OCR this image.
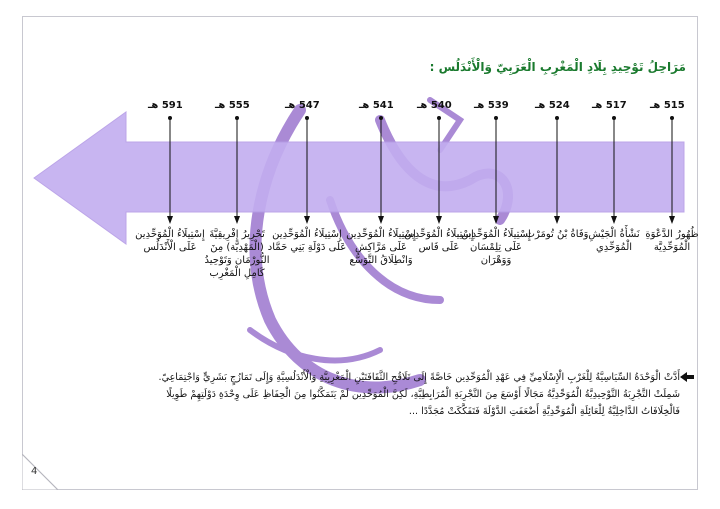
4
مَرَاحِلُ تَوْحِيدِ بِلَادِ الْمَغْرِبِ الْعَرَبِيّ وَالْأَنْدَلُس :
515 هـ
ظُهُورُ الدَّعْوَةِ الْمُوَحِّدِيَّة
517 هـ
نَشْأَةُ الْجَيْشِ الْمُوَحِّدِي
524 هـ
وَفَاةُ بْنُ تُومَرْت
539 هـ
إِسْتِيلَاءُ الْمُوَحِّدِين عَلَى تِلِمْسَان وَوَهْرَان
540 هـ
إِسْتِيلَاءُ الْمُوَحِّدِين عَلَى فَاس
541 هـ
إِسْتِيلَاءُ الْمُوَحِّدِين عَلَى مَرَّاكِش وَانْطِلَاقُ التَّوَسُّع
547 هـ
إِسْتِيلَاءُ الْمُوَحِّدِين عَلَى دَوْلَةِ بَنِي حَمَّاد
555 هـ
تَحْرِيرُ إِفْرِيقِيَّةَ (الْمَهْدِيَّة) مِنَ النُّورْمَان وَتَوْحِيدُ كَامِلِ الْمَغْرِب
591 هـ
إِسْتِيلَاءُ الْمُوَحِّدِين عَلَى الْأَنْدَلُس
أَدَّتْ الْوَحْدَةُ السِّيَاسِيَّةُ لِلْغَرْبِ الْإِسْلَامِيِّ فِي عَهْدِ الْمُوَحِّدِين خَاصَّةً إِلَى تَلَاقُحِ الثَّقَافَتَيْنِ الْمَغْرِبِيَّةِ وَالْأَنْدَلُسِيَّةِ وَإِلَى تَمَازُجٍ بَشَرِيٍّ وَاجْتِمَاعِيّ.
شَمِلَتْ التَّجْرِبَةُ التَّوْحِيدِيَّةُ الْمُوَحِّدِيَّةُ مَجَالًا أَوْسَعَ مِنَ التَّجْرِبَةِ الْمُرَابِطِيَّةِ، لَكِنَّ الْمُوَحِّدِين لَمْ يَتَمَكَّنُوا مِنَ الْحِفَاظِ عَلَى وِحْدَةِ دَوْلَتِهِمْ طَوِيلًا
فَالْخِلَافَاتُ الدَّاخِلِيَّةُ لِلْعَائِلَةِ الْمُوَحِّدِيَّةِ أَضْعَفَتِ الدَّوْلَةَ فَتَفَكَّكَتْ مُجَدَّدًا ...
